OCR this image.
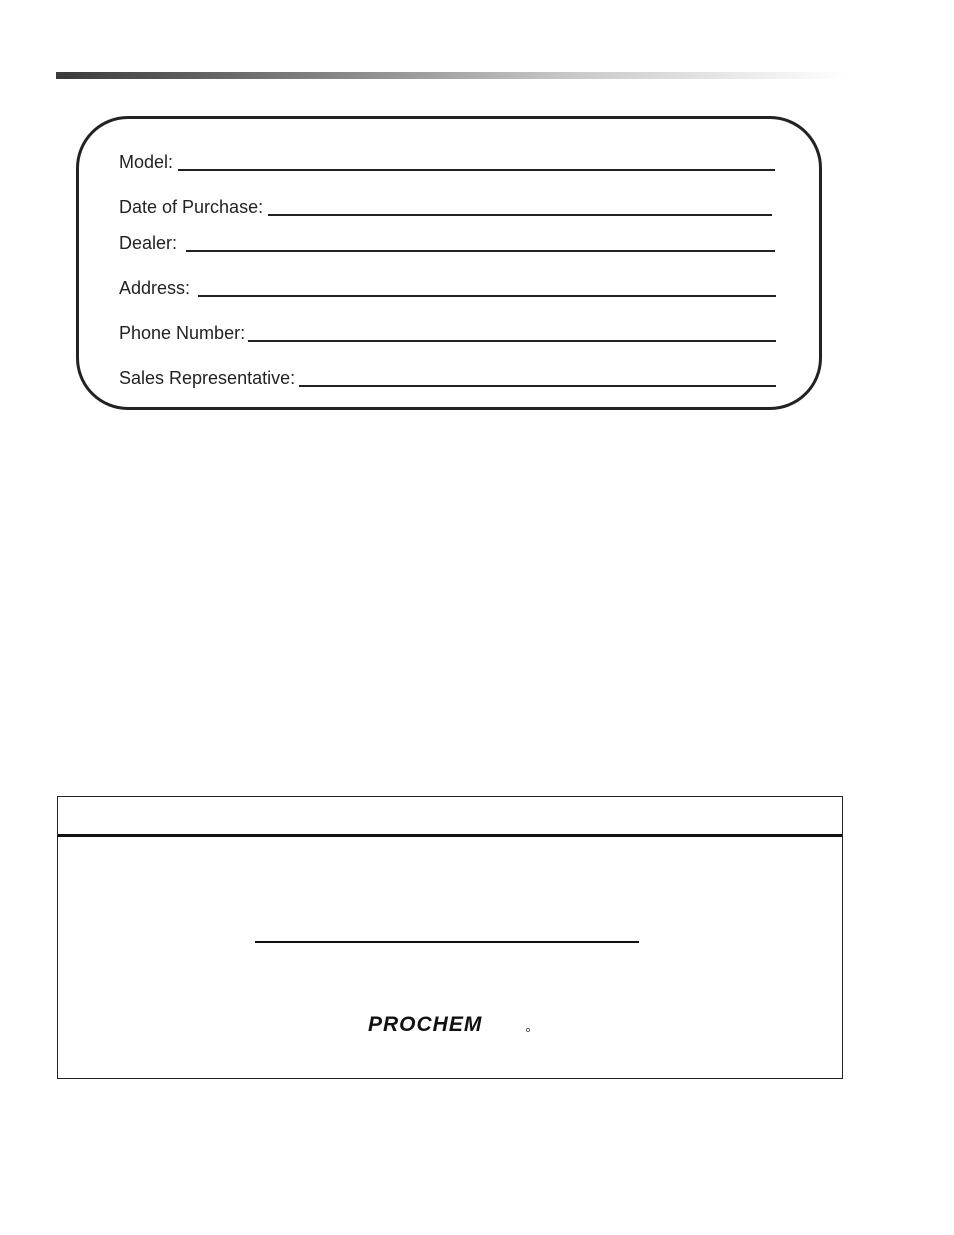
Model:
Date of Purchase:
Dealer:
Address:
Phone Number:
Sales Representative:
PROCHEM
